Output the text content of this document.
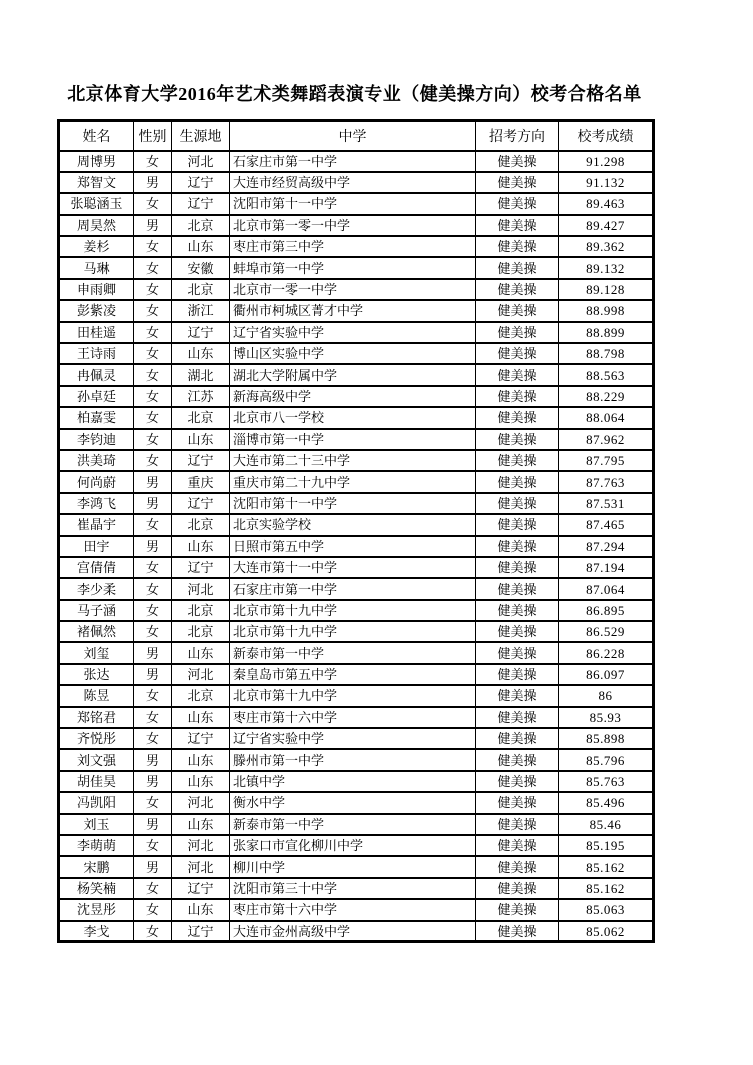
北京体育大学2016年艺术类舞蹈表演专业（健美操方向）校考合格名单
姓名	性别	生源地	中学	招考方向	校考成绩
周博男	女	河北	石家庄市第一中学	健美操	91.298
郑智文	男	辽宁	大连市经贸高级中学	健美操	91.132
张聪涵玉	女	辽宁	沈阳市第十一中学	健美操	89.463
周昊然	男	北京	北京市第一零一中学	健美操	89.427
姜杉	女	山东	枣庄市第三中学	健美操	89.362
马琳	女	安徽	蚌埠市第一中学	健美操	89.132
申雨卿	女	北京	北京市一零一中学	健美操	89.128
彭紫凌	女	浙江	衢州市柯城区菁才中学	健美操	88.998
田桂遥	女	辽宁	辽宁省实验中学	健美操	88.899
王诗雨	女	山东	博山区实验中学	健美操	88.798
冉佩灵	女	湖北	湖北大学附属中学	健美操	88.563
孙卓廷	女	江苏	新海高级中学	健美操	88.229
柏嘉雯	女	北京	北京市八一学校	健美操	88.064
李钧迪	女	山东	淄博市第一中学	健美操	87.962
洪美琦	女	辽宁	大连市第二十三中学	健美操	87.795
何尚蔚	男	重庆	重庆市第二十九中学	健美操	87.763
李鸿飞	男	辽宁	沈阳市第十一中学	健美操	87.531
崔晶宇	女	北京	北京实验学校	健美操	87.465
田宇	男	山东	日照市第五中学	健美操	87.294
宫倩倩	女	辽宁	大连市第十一中学	健美操	87.194
李少柔	女	河北	石家庄市第一中学	健美操	87.064
马子涵	女	北京	北京市第十九中学	健美操	86.895
褚佩然	女	北京	北京市第十九中学	健美操	86.529
刘玺	男	山东	新泰市第一中学	健美操	86.228
张达	男	河北	秦皇岛市第五中学	健美操	86.097
陈昱	女	北京	北京市第十九中学	健美操	86
郑铭君	女	山东	枣庄市第十六中学	健美操	85.93
齐悦彤	女	辽宁	辽宁省实验中学	健美操	85.898
刘文强	男	山东	滕州市第一中学	健美操	85.796
胡佳昊	男	山东	北镇中学	健美操	85.763
冯凯阳	女	河北	衡水中学	健美操	85.496
刘玉	男	山东	新泰市第一中学	健美操	85.46
李萌萌	女	河北	张家口市宣化柳川中学	健美操	85.195
宋鹏	男	河北	柳川中学	健美操	85.162
杨笑楠	女	辽宁	沈阳市第三十中学	健美操	85.162
沈昱彤	女	山东	枣庄市第十六中学	健美操	85.063
李戈	女	辽宁	大连市金州高级中学	健美操	85.062
